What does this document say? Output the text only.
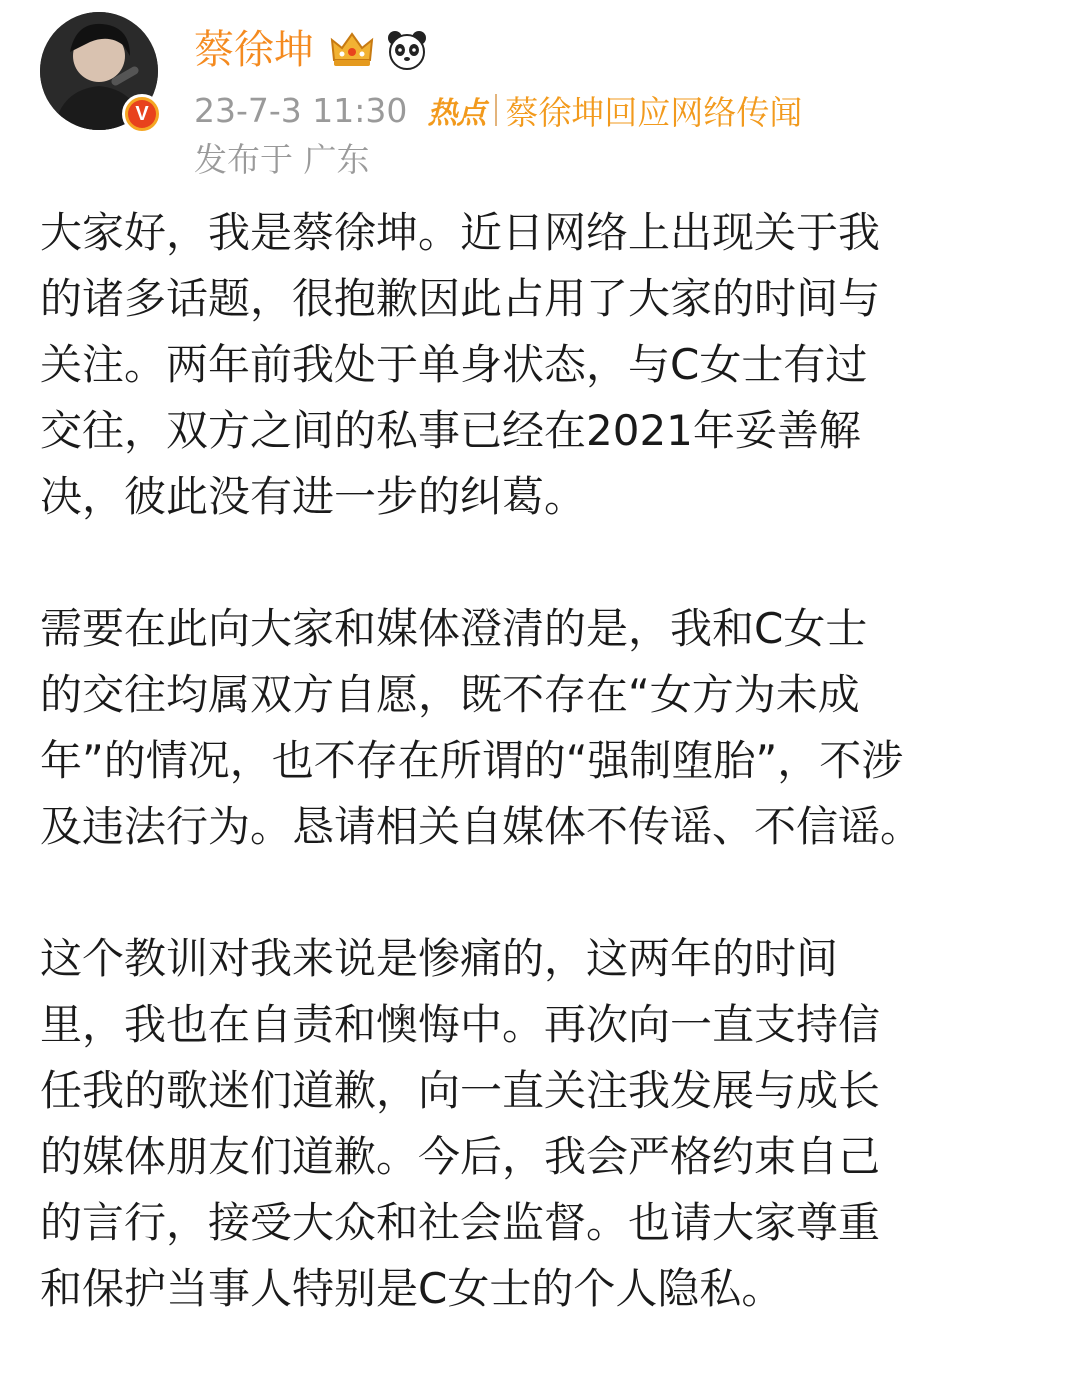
V
蔡徐坤
23-7-3 11:30 热点 蔡徐坤回应网络传闻
发布于 广东

大家好，我是蔡徐坤。近日网络上出现关于我
的诸多话题，很抱歉因此占用了大家的时间与
关注。两年前我处于单身状态，与C女士有过
交往，双方之间的私事已经在2021年妥善解
决，彼此没有进一步的纠葛。

需要在此向大家和媒体澄清的是，我和C女士
的交往均属双方自愿，既不存在“女方为未成
年”的情况，也不存在所谓的“强制堕胎”，不涉
及违法行为。恳请相关自媒体不传谣、不信谣。

这个教训对我来说是惨痛的，这两年的时间
里，我也在自责和懊悔中。再次向一直支持信
任我的歌迷们道歉，向一直关注我发展与成长
的媒体朋友们道歉。今后，我会严格约束自己
的言行，接受大众和社会监督。也请大家尊重
和保护当事人特别是C女士的个人隐私。
